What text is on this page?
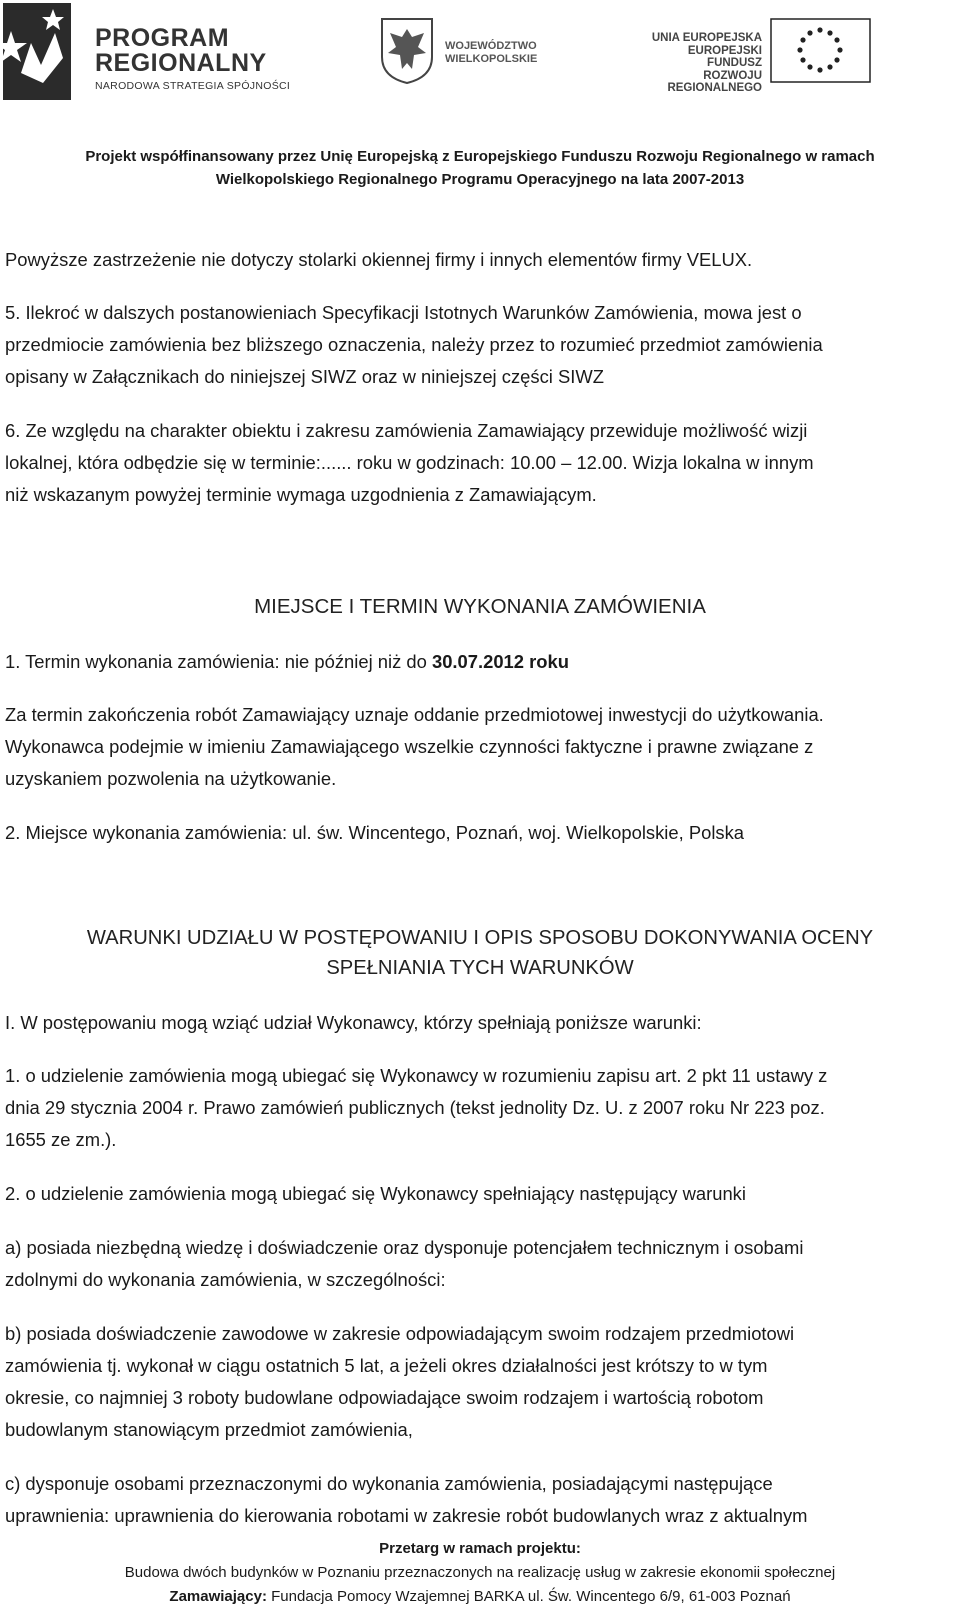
PROGRAM
REGIONALNY
NARODOWA STRATEGIA SPÓJNOŚCI
WOJEWÓDZTWO
WIELKOPOLSKIE
UNIA EUROPEJSKA
EUROPEJSKI FUNDUSZ
ROZWOJU REGIONALNEGO
Projekt współfinansowany przez Unię Europejską z Europejskiego Funduszu Rozwoju Regionalnego w ramach
Wielkopolskiego Regionalnego Programu Operacyjnego na lata 2007-2013
Powyższe zastrzeżenie nie dotyczy stolarki okiennej firmy i innych elementów firmy VELUX.
5. Ilekroć w dalszych postanowieniach Specyfikacji Istotnych Warunków Zamówienia, mowa jest o
przedmiocie zamówienia bez bliższego oznaczenia, należy przez to rozumieć przedmiot zamówienia
opisany w Załącznikach do niniejszej SIWZ oraz w niniejszej części SIWZ
6. Ze względu na charakter obiektu i zakresu zamówienia Zamawiający przewiduje możliwość wizji
lokalnej, która odbędzie się w terminie:...... roku w godzinach: 10.00 – 12.00. Wizja lokalna w innym
niż wskazanym powyżej terminie wymaga uzgodnienia z Zamawiającym.
MIEJSCE I TERMIN WYKONANIA ZAMÓWIENIA
1. Termin wykonania zamówienia: nie później niż do 30.07.2012 roku
Za termin zakończenia robót Zamawiający uznaje oddanie przedmiotowej inwestycji do użytkowania.
Wykonawca podejmie w imieniu Zamawiającego wszelkie czynności faktyczne i prawne związane z
uzyskaniem pozwolenia na użytkowanie.
2. Miejsce wykonania zamówienia: ul. św. Wincentego, Poznań, woj. Wielkopolskie, Polska
WARUNKI UDZIAŁU W POSTĘPOWANIU I OPIS SPOSOBU DOKONYWANIA OCENY
SPEŁNIANIA TYCH WARUNKÓW
I. W postępowaniu mogą wziąć udział Wykonawcy, którzy spełniają poniższe warunki:
1. o udzielenie zamówienia mogą ubiegać się Wykonawcy w rozumieniu zapisu art. 2 pkt 11 ustawy z
dnia 29 stycznia 2004 r. Prawo zamówień publicznych (tekst jednolity Dz. U. z 2007 roku Nr 223 poz.
1655 ze zm.).
2. o udzielenie zamówienia mogą ubiegać się Wykonawcy spełniający następujący warunki
a) posiada niezbędną wiedzę i doświadczenie oraz dysponuje potencjałem technicznym i osobami
zdolnymi do wykonania zamówienia, w szczególności:
b) posiada doświadczenie zawodowe w zakresie odpowiadającym swoim rodzajem przedmiotowi
zamówienia tj. wykonał w ciągu ostatnich 5 lat, a jeżeli okres działalności jest krótszy to w tym
okresie, co najmniej 3 roboty budowlane odpowiadające swoim rodzajem i wartością robotom
budowlanym stanowiącym przedmiot zamówienia,
c) dysponuje osobami przeznaczonymi do wykonania zamówienia, posiadającymi następujące
uprawnienia: uprawnienia do kierowania robotami w zakresie robót budowlanych wraz z aktualnym
Przetarg w ramach projektu:
Budowa dwóch budynków w Poznaniu przeznaczonych na realizację usług w zakresie ekonomii społecznej
Zamawiający: Fundacja Pomocy Wzajemnej BARKA ul. Św. Wincentego 6/9, 61-003 Poznań
